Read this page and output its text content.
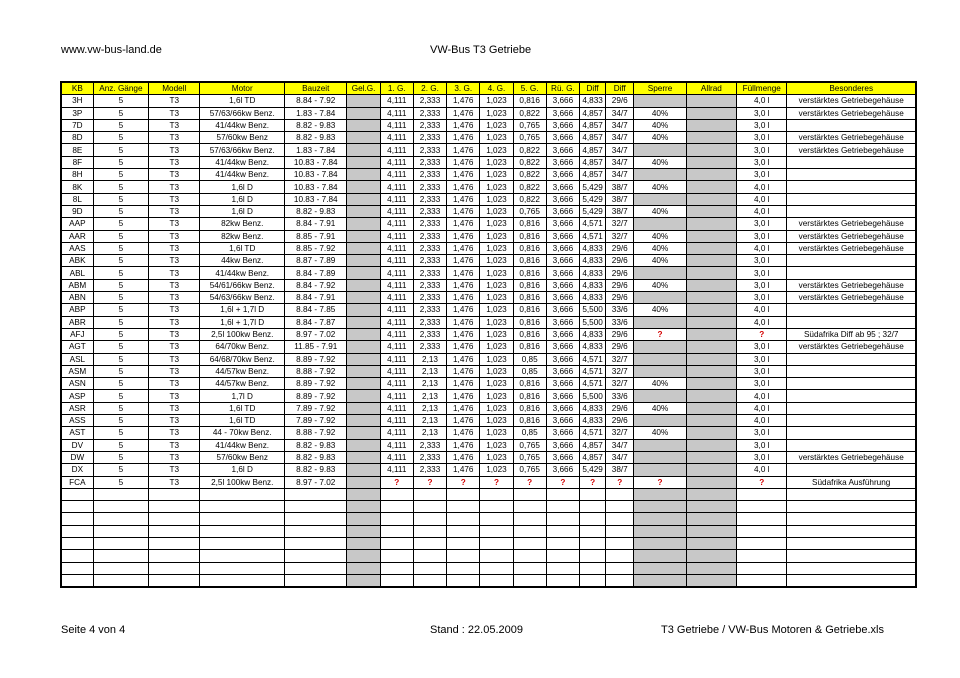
www.vw-bus-land.de	VW-Bus T3 Getriebe
KB	Anz. Gänge	Modell	Motor	Bauzeit	Gel.G.	1. G.	2. G.	3. G.	4. G.	5. G.	Rü. G.	Diff	Diff	Sperre	Allrad	Füllmenge	Besonderes
3H	5	T3	1,6l TD	8.84 - 7.92		4,111	2,333	1,476	1,023	0,816	3,666	4,833	29/6			4,0 l	verstärktes Getriebegehäuse
3P	5	T3	57/63/66kw Benz.	1.83 - 7.84		4,111	2,333	1,476	1,023	0,822	3,666	4,857	34/7	40%		3,0 l	verstärktes Getriebegehäuse
7D	5	T3	41/44kw Benz.	8.82 - 9.83		4,111	2,333	1,476	1,023	0,765	3,666	4,857	34/7	40%		3,0 l	
8D	5	T3	57/60kw Benz	8.82 - 9.83		4,111	2,333	1,476	1,023	0,765	3,666	4,857	34/7	40%		3,0 l	verstärktes Getriebegehäuse
8E	5	T3	57/63/66kw Benz.	1.83 - 7.84		4,111	2,333	1,476	1,023	0,822	3,666	4,857	34/7			3,0 l	verstärktes Getriebegehäuse
8F	5	T3	41/44kw Benz.	10.83 - 7.84		4,111	2,333	1,476	1,023	0,822	3,666	4,857	34/7	40%		3,0 l	
8H	5	T3	41/44kw Benz.	10.83 - 7.84		4,111	2,333	1,476	1,023	0,822	3,666	4,857	34/7			3,0 l	
8K	5	T3	1,6l D	10.83 - 7.84		4,111	2,333	1,476	1,023	0,822	3,666	5,429	38/7	40%		4,0 l	
8L	5	T3	1,6l D	10.83 - 7.84		4,111	2,333	1,476	1,023	0,822	3,666	5,429	38/7			4,0 l	
9D	5	T3	1,6l D	8.82 - 9.83		4,111	2,333	1,476	1,023	0,765	3,666	5,429	38/7	40%		4,0 l	
AAP	5	T3	82kw Benz.	8.84 - 7.91		4,111	2,333	1,476	1,023	0,816	3,666	4,571	32/7			3,0 l	verstärktes Getriebegehäuse
AAR	5	T3	82kw Benz.	8.85 - 7.91		4,111	2,333	1,476	1,023	0,816	3,666	4,571	32/7	40%		3,0 l	verstärktes Getriebegehäuse
AAS	5	T3	1,6l TD	8.85 - 7.92		4,111	2,333	1,476	1,023	0,816	3,666	4,833	29/6	40%		4,0 l	verstärktes Getriebegehäuse
ABK	5	T3	44kw Benz.	8.87 - 7.89		4,111	2,333	1,476	1,023	0,816	3,666	4,833	29/6	40%		3,0 l	
ABL	5	T3	41/44kw Benz.	8.84 - 7.89		4,111	2,333	1,476	1,023	0,816	3,666	4,833	29/6			3,0 l	
ABM	5	T3	54/61/66kw Benz.	8.84 - 7.92		4,111	2,333	1,476	1,023	0,816	3,666	4,833	29/6	40%		3,0 l	verstärktes Getriebegehäuse
ABN	5	T3	54/63/66kw Benz.	8.84 - 7.91		4,111	2,333	1,476	1,023	0,816	3,666	4,833	29/6			3,0 l	verstärktes Getriebegehäuse
ABP	5	T3	1,6l + 1,7l D	8.84 - 7.85		4,111	2,333	1,476	1,023	0,816	3,666	5,500	33/6	40%		4,0 l	
ABR	5	T3	1,6l + 1,7l D	8.84 - 7.87		4,111	2,333	1,476	1,023	0,816	3,666	5,500	33/6			4,0 l	
AFJ	5	T3	2,5l 100kw Benz.	8.97 - 7.02		4,111	2,333	1,476	1,023	0,816	3,666	4,833	29/6	?		?	Südafrika Diff ab 95 ; 32/7
AGT	5	T3	64/70kw Benz.	11.85 - 7.91		4,111	2,333	1,476	1,023	0,816	3,666	4,833	29/6			3,0 l	verstärktes Getriebegehäuse
ASL	5	T3	64/68/70kw Benz.	8.89 - 7.92		4,111	2,13	1,476	1,023	0,85	3,666	4,571	32/7			3,0 l	
ASM	5	T3	44/57kw Benz.	8.88 - 7.92		4,111	2,13	1,476	1,023	0,85	3,666	4,571	32/7			3,0 l	
ASN	5	T3	44/57kw Benz.	8.89 - 7.92		4,111	2,13	1,476	1,023	0,816	3,666	4,571	32/7	40%		3,0 l	
ASP	5	T3	1,7l D	8.89 - 7.92		4,111	2,13	1,476	1,023	0,816	3,666	5,500	33/6			4,0 l	
ASR	5	T3	1,6l TD	7.89 - 7.92		4,111	2,13	1,476	1,023	0,816	3,666	4,833	29/6	40%		4,0 l	
ASS	5	T3	1,6l TD	7.89 - 7.92		4,111	2,13	1,476	1,023	0,816	3,666	4,833	29/6			4,0 l	
AST	5	T3	44 - 70kw Benz.	8.88 - 7.92		4,111	2,13	1,476	1,023	0,85	3,666	4,571	32/7	40%		3,0 l	
DV	5	T3	41/44kw Benz.	8.82 - 9.83		4,111	2,333	1,476	1,023	0,765	3,666	4,857	34/7			3,0 l	
DW	5	T3	57/60kw Benz	8.82 - 9.83		4,111	2,333	1,476	1,023	0,765	3,666	4,857	34/7			3,0 l	verstärktes Getriebegehäuse
DX	5	T3	1,6l D	8.82 - 9.83		4,111	2,333	1,476	1,023	0,765	3,666	5,429	38/7			4,0 l	
FCA	5	T3	2,5l 100kw Benz.	8.97 - 7.02		?	?	?	?	?	?	?	?	?		?	Südafrika Ausführung

Seite 4 von 4	Stand : 22.05.2009	T3 Getriebe / VW-Bus Motoren & Getriebe.xls
